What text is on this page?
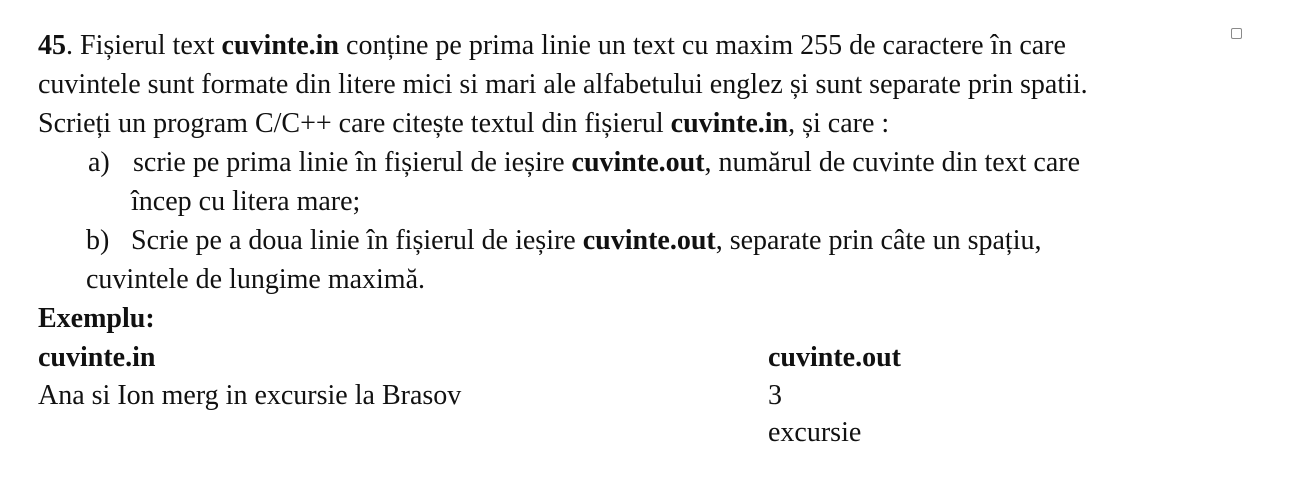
45. Fișierul text cuvinte.in conține pe prima linie un text cu maxim 255 de caractere în care
cuvintele sunt formate din litere mici si mari ale alfabetului englez și sunt separate prin spatii.
Scrieți un program C/C++ care citește textul din fișierul cuvinte.in, și care :
a) scrie pe prima linie în fișierul de ieșire cuvinte.out, numărul de cuvinte din text care
încep cu litera mare;
b) Scrie pe a doua linie în fișierul de ieșire cuvinte.out, separate prin câte un spațiu,
cuvintele de lungime maximă.
Exemplu:
cuvinte.in
Ana si Ion merg in excursie la Brasov
cuvinte.out
3
excursie
